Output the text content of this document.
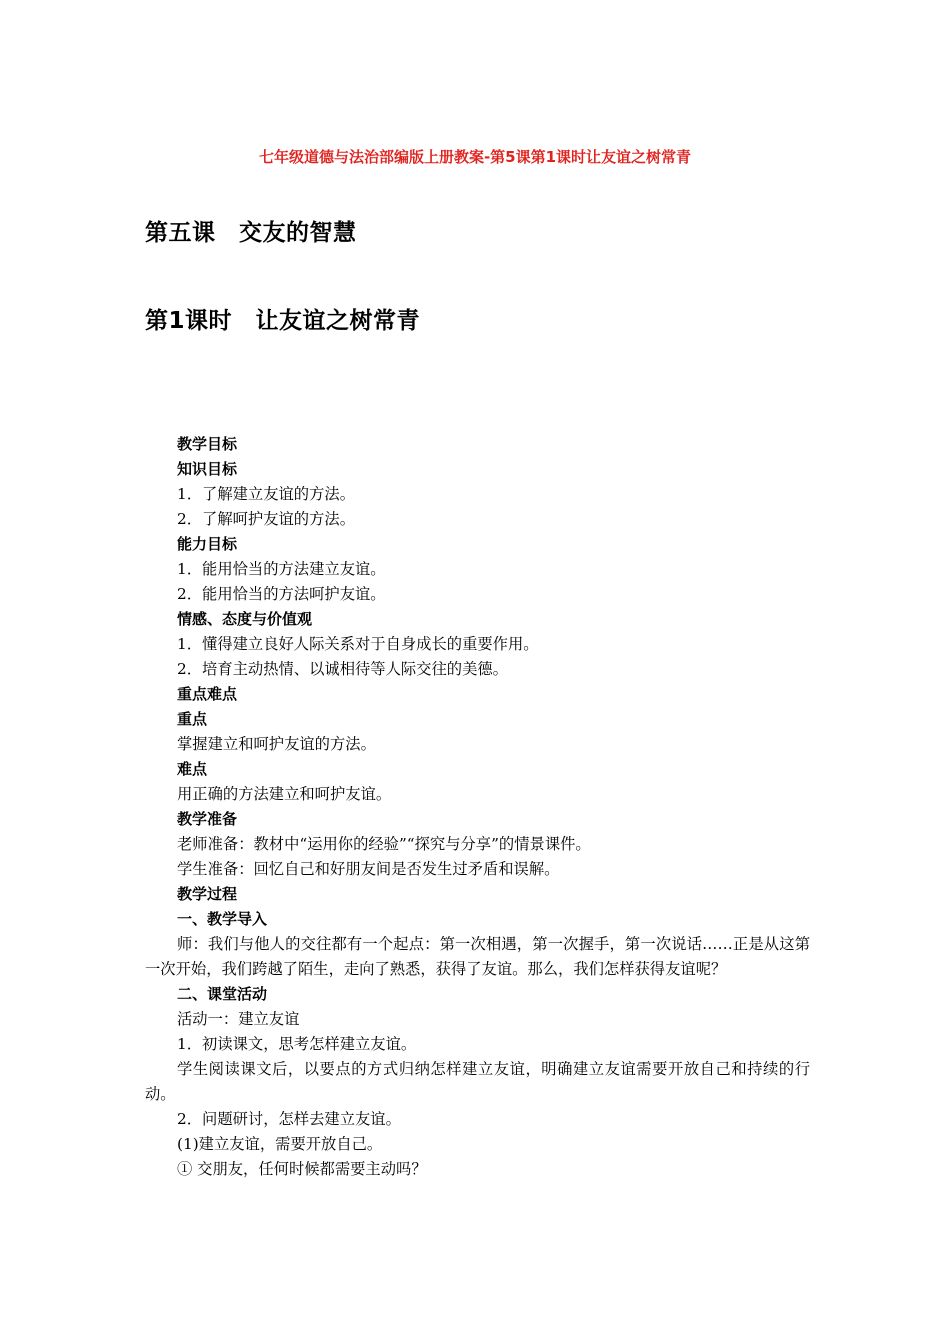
七年级道德与法治部编版上册教案-第5课第1课时让友谊之树常青
第五课　交友的智慧
第1课时　让友谊之树常青

教学目标

知识目标

1．了解建立友谊的方法。

2．了解呵护友谊的方法。

能力目标

1．能用恰当的方法建立友谊。

2．能用恰当的方法呵护友谊。

情感、态度与价值观

1．懂得建立良好人际关系对于自身成长的重要作用。

2．培育主动热情、以诚相待等人际交往的美德。

重点难点

重点

掌握建立和呵护友谊的方法。

难点

用正确的方法建立和呵护友谊。

教学准备

老师准备：教材中“运用你的经验”“探究与分享”的情景课件。

学生准备：回忆自己和好朋友间是否发生过矛盾和误解。

教学过程

一、教学导入

师：我们与他人的交往都有一个起点：第一次相遇，第一次握手，第一次说话……正是从这第一次开始，我们跨越了陌生，走向了熟悉，获得了友谊。那么，我们怎样获得友谊呢？

二、课堂活动

活动一：建立友谊

1．初读课文，思考怎样建立友谊。

学生阅读课文后，以要点的方式归纳怎样建立友谊，明确建立友谊需要开放自己和持续的行动。

2．问题研讨，怎样去建立友谊。

(1)建立友谊，需要开放自己。

① 交朋友，任何时候都需要主动吗？
